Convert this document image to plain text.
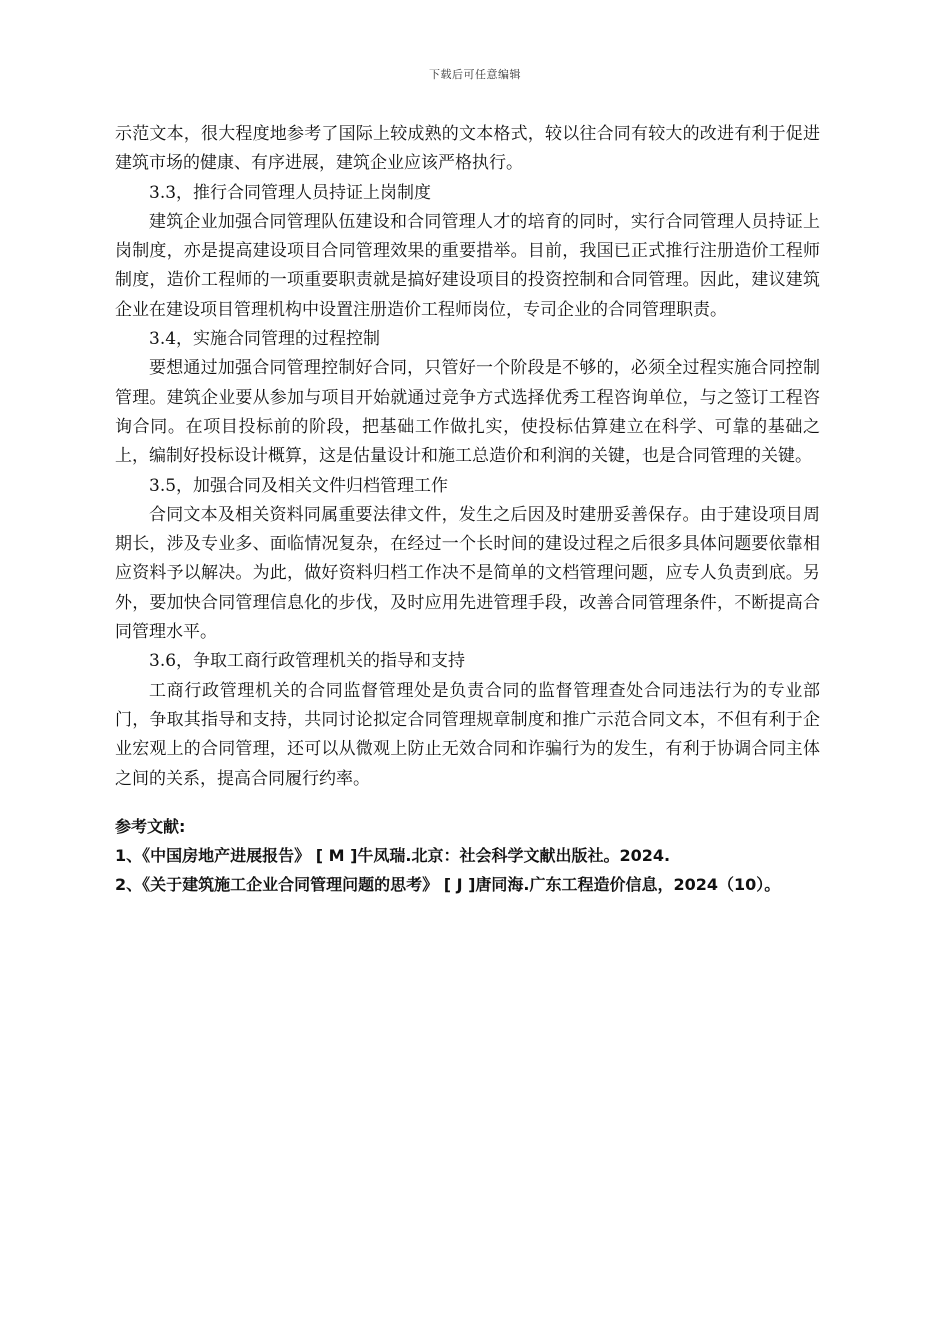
下载后可任意编辑

示范文本，很大程度地参考了国际上较成熟的文本格式，较以往合同有较大的改进有利于促进建筑市场的健康、有序进展，建筑企业应该严格执行。

3.3，推行合同管理人员持证上岗制度

建筑企业加强合同管理队伍建设和合同管理人才的培育的同时，实行合同管理人员持证上岗制度，亦是提高建设项目合同管理效果的重要措举。目前，我国已正式推行注册造价工程师制度，造价工程师的一项重要职责就是搞好建设项目的投资控制和合同管理。因此，建议建筑企业在建设项目管理机构中设置注册造价工程师岗位，专司企业的合同管理职责。

3.4，实施合同管理的过程控制

要想通过加强合同管理控制好合同，只管好一个阶段是不够的，必须全过程实施合同控制管理。建筑企业要从参加与项目开始就通过竞争方式选择优秀工程咨询单位，与之签订工程咨询合同。在项目投标前的阶段，把基础工作做扎实，使投标估算建立在科学、可靠的基础之上，编制好投标设计概算，这是估量设计和施工总造价和利润的关键，也是合同管理的关键。

3.5，加强合同及相关文件归档管理工作

合同文本及相关资料同属重要法律文件，发生之后因及时建册妥善保存。由于建设项目周期长，涉及专业多、面临情况复杂，在经过一个长时间的建设过程之后很多具体问题要依靠相应资料予以解决。为此，做好资料归档工作决不是简单的文档管理问题，应专人负责到底。另外，要加快合同管理信息化的步伐，及时应用先进管理手段，改善合同管理条件，不断提高合同管理水平。

3.6，争取工商行政管理机关的指导和支持

工商行政管理机关的合同监督管理处是负责合同的监督管理查处合同违法行为的专业部门，争取其指导和支持，共同讨论拟定合同管理规章制度和推广示范合同文本，不但有利于企业宏观上的合同管理，还可以从微观上防止无效合同和诈骗行为的发生，有利于协调合同主体之间的关系，提高合同履行约率。

参考文献:

1、《中国房地产进展报告》 [ M ]牛凤瑞.北京：社会科学文献出版社。2024.

2、《关于建筑施工企业合同管理问题的思考》 [ J ]唐同海.广东工程造价信息，2024（10）。
